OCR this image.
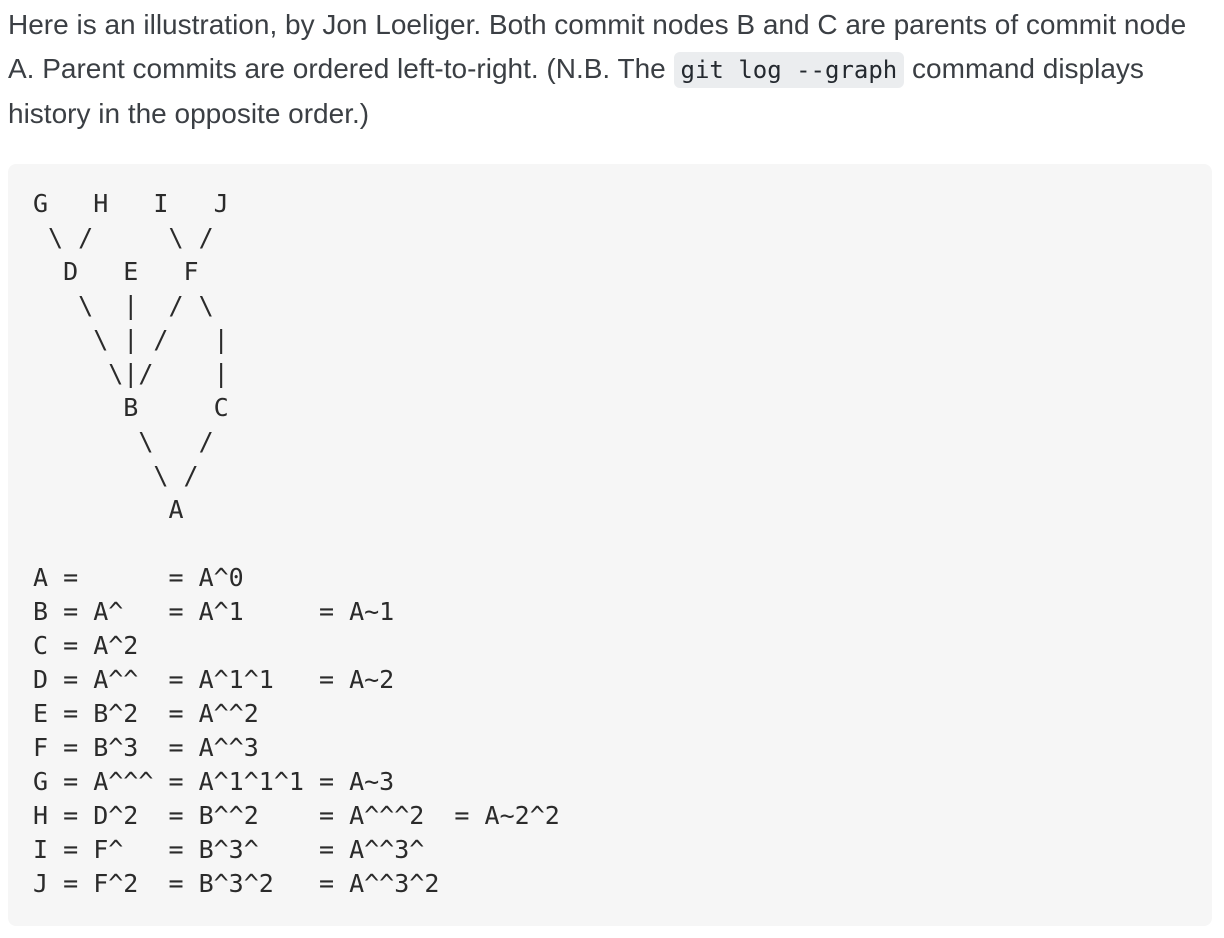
Here is an illustration, by Jon Loeliger. Both commit nodes B and C are parents of commit node A. Parent commits are ordered left-to-right. (N.B. The git log --graph command displays history in the opposite order.)

G   H   I   J
\ /     \ /
D   E   F
\  |  / \
\ | /   |
\|/    |
B     C
\   /
\ /
A
A =      = A^0
B = A^   = A^1     = A~1
C = A^2
D = A^^  = A^1^1   = A~2
E = B^2  = A^^2
F = B^3  = A^^3
G = A^^^ = A^1^1^1 = A~3
H = D^2  = B^^2    = A^^^2  = A~2^2
I = F^   = B^3^    = A^^3^
J = F^2  = B^3^2   = A^^3^2
